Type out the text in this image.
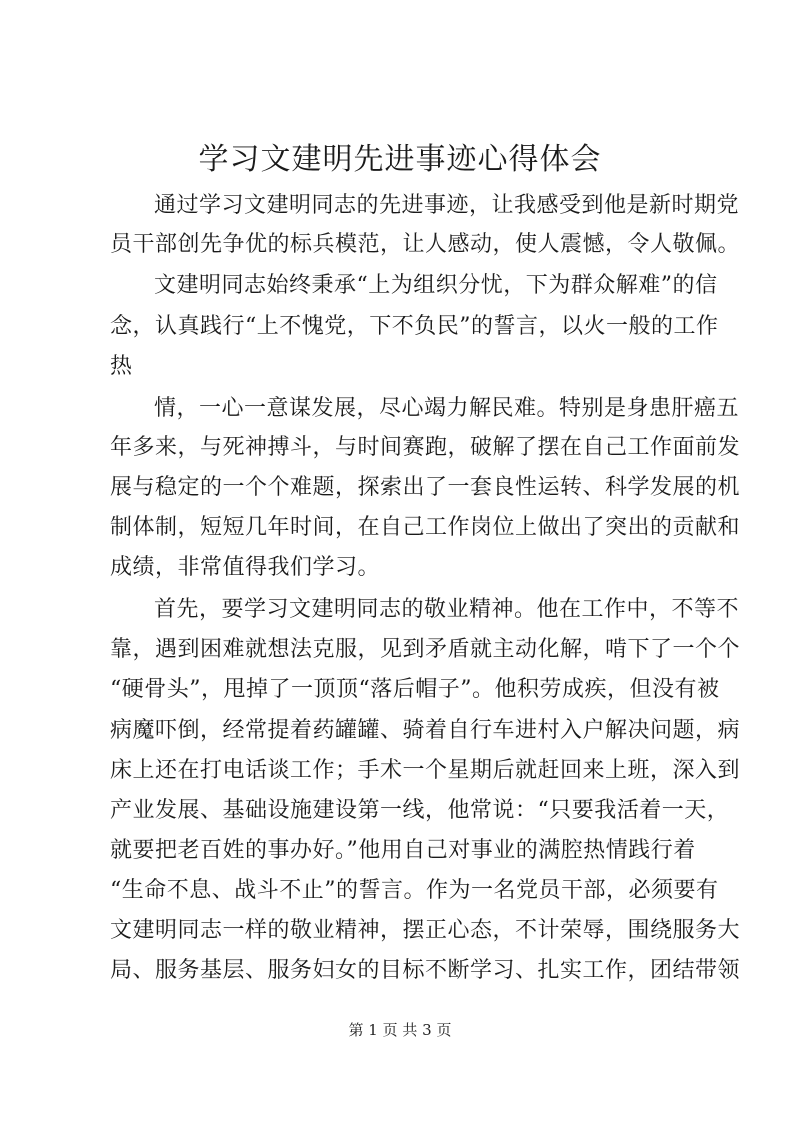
学习文建明先进事迹心得体会
通过学习文建明同志的先进事迹，让我感受到他是新时期党
员干部创先争优的标兵模范，让人感动，使人震憾，令人敬佩。
文建明同志始终秉承“上为组织分忧，下为群众解难”的信
念，认真践行“上不愧党，下不负民”的誓言，以火一般的工作
热
情，一心一意谋发展，尽心竭力解民难。特别是身患肝癌五
年多来，与死神搏斗，与时间赛跑，破解了摆在自己工作面前发
展与稳定的一个个难题，探索出了一套良性运转、科学发展的机
制体制，短短几年时间，在自己工作岗位上做出了突出的贡献和
成绩，非常值得我们学习。
首先，要学习文建明同志的敬业精神。他在工作中，不等不
靠，遇到困难就想法克服，见到矛盾就主动化解，啃下了一个个
“硬骨头”，甩掉了一顶顶“落后帽子”。他积劳成疾，但没有被
病魔吓倒，经常提着药罐罐、骑着自行车进村入户解决问题，病
床上还在打电话谈工作；手术一个星期后就赶回来上班，深入到
产业发展、基础设施建设第一线，他常说：“只要我活着一天，
就要把老百姓的事办好。”他用自己对事业的满腔热情践行着
“生命不息、战斗不止”的誓言。作为一名党员干部，必须要有
文建明同志一样的敬业精神，摆正心态，不计荣辱，围绕服务大
局、服务基层、服务妇女的目标不断学习、扎实工作，团结带领
第 1 页 共 3 页
